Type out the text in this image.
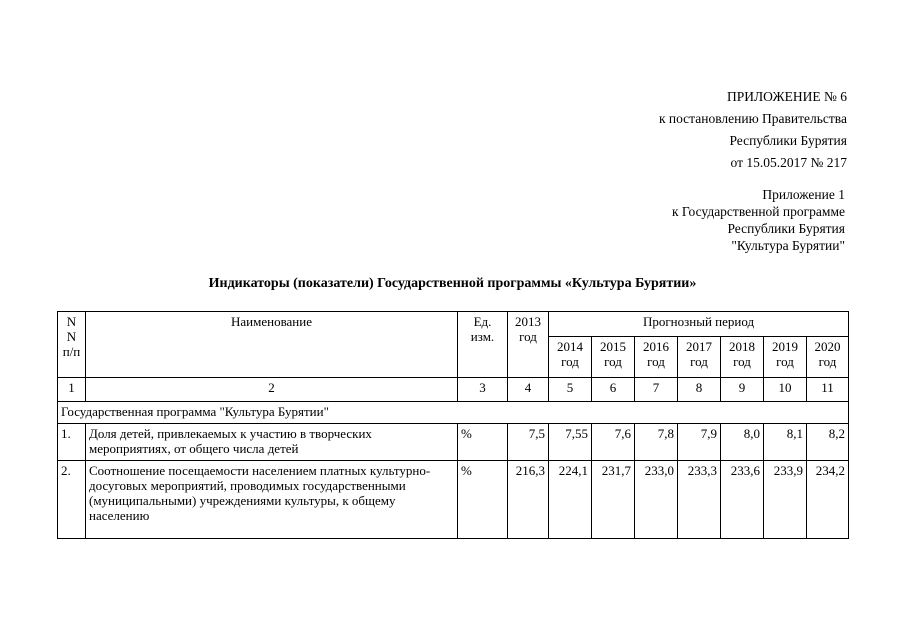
ПРИЛОЖЕНИЕ № 6
к постановлению Правительства
Республики Бурятия
от 15.05.2017 № 217
Приложение 1
к Государственной программе
Республики Бурятия
"Культура Бурятии"
Индикаторы (показатели) Государственной программы «Культура Бурятии»
N N п/п	Наименование	Ед. изм.	2013 год	Прогнозный период						
				2014 год	2015 год	2016 год	2017 год	2018 год	2019 год	2020 год
1	2	3	4	5	6	7	8	9	10	11
Государственная программа "Культура Бурятии"										
1.	Доля детей, привлекаемых к участию в творческих мероприятиях, от общего числа детей	%	7,5	7,55	7,6	7,8	7,9	8,0	8,1	8,2
2.	Соотношение посещаемости населением платных культурно-досуговых мероприятий, проводимых государственными (муниципальными) учреждениями культуры, к общему населению	%	216,3	224,1	231,7	233,0	233,3	233,6	233,9	234,2
